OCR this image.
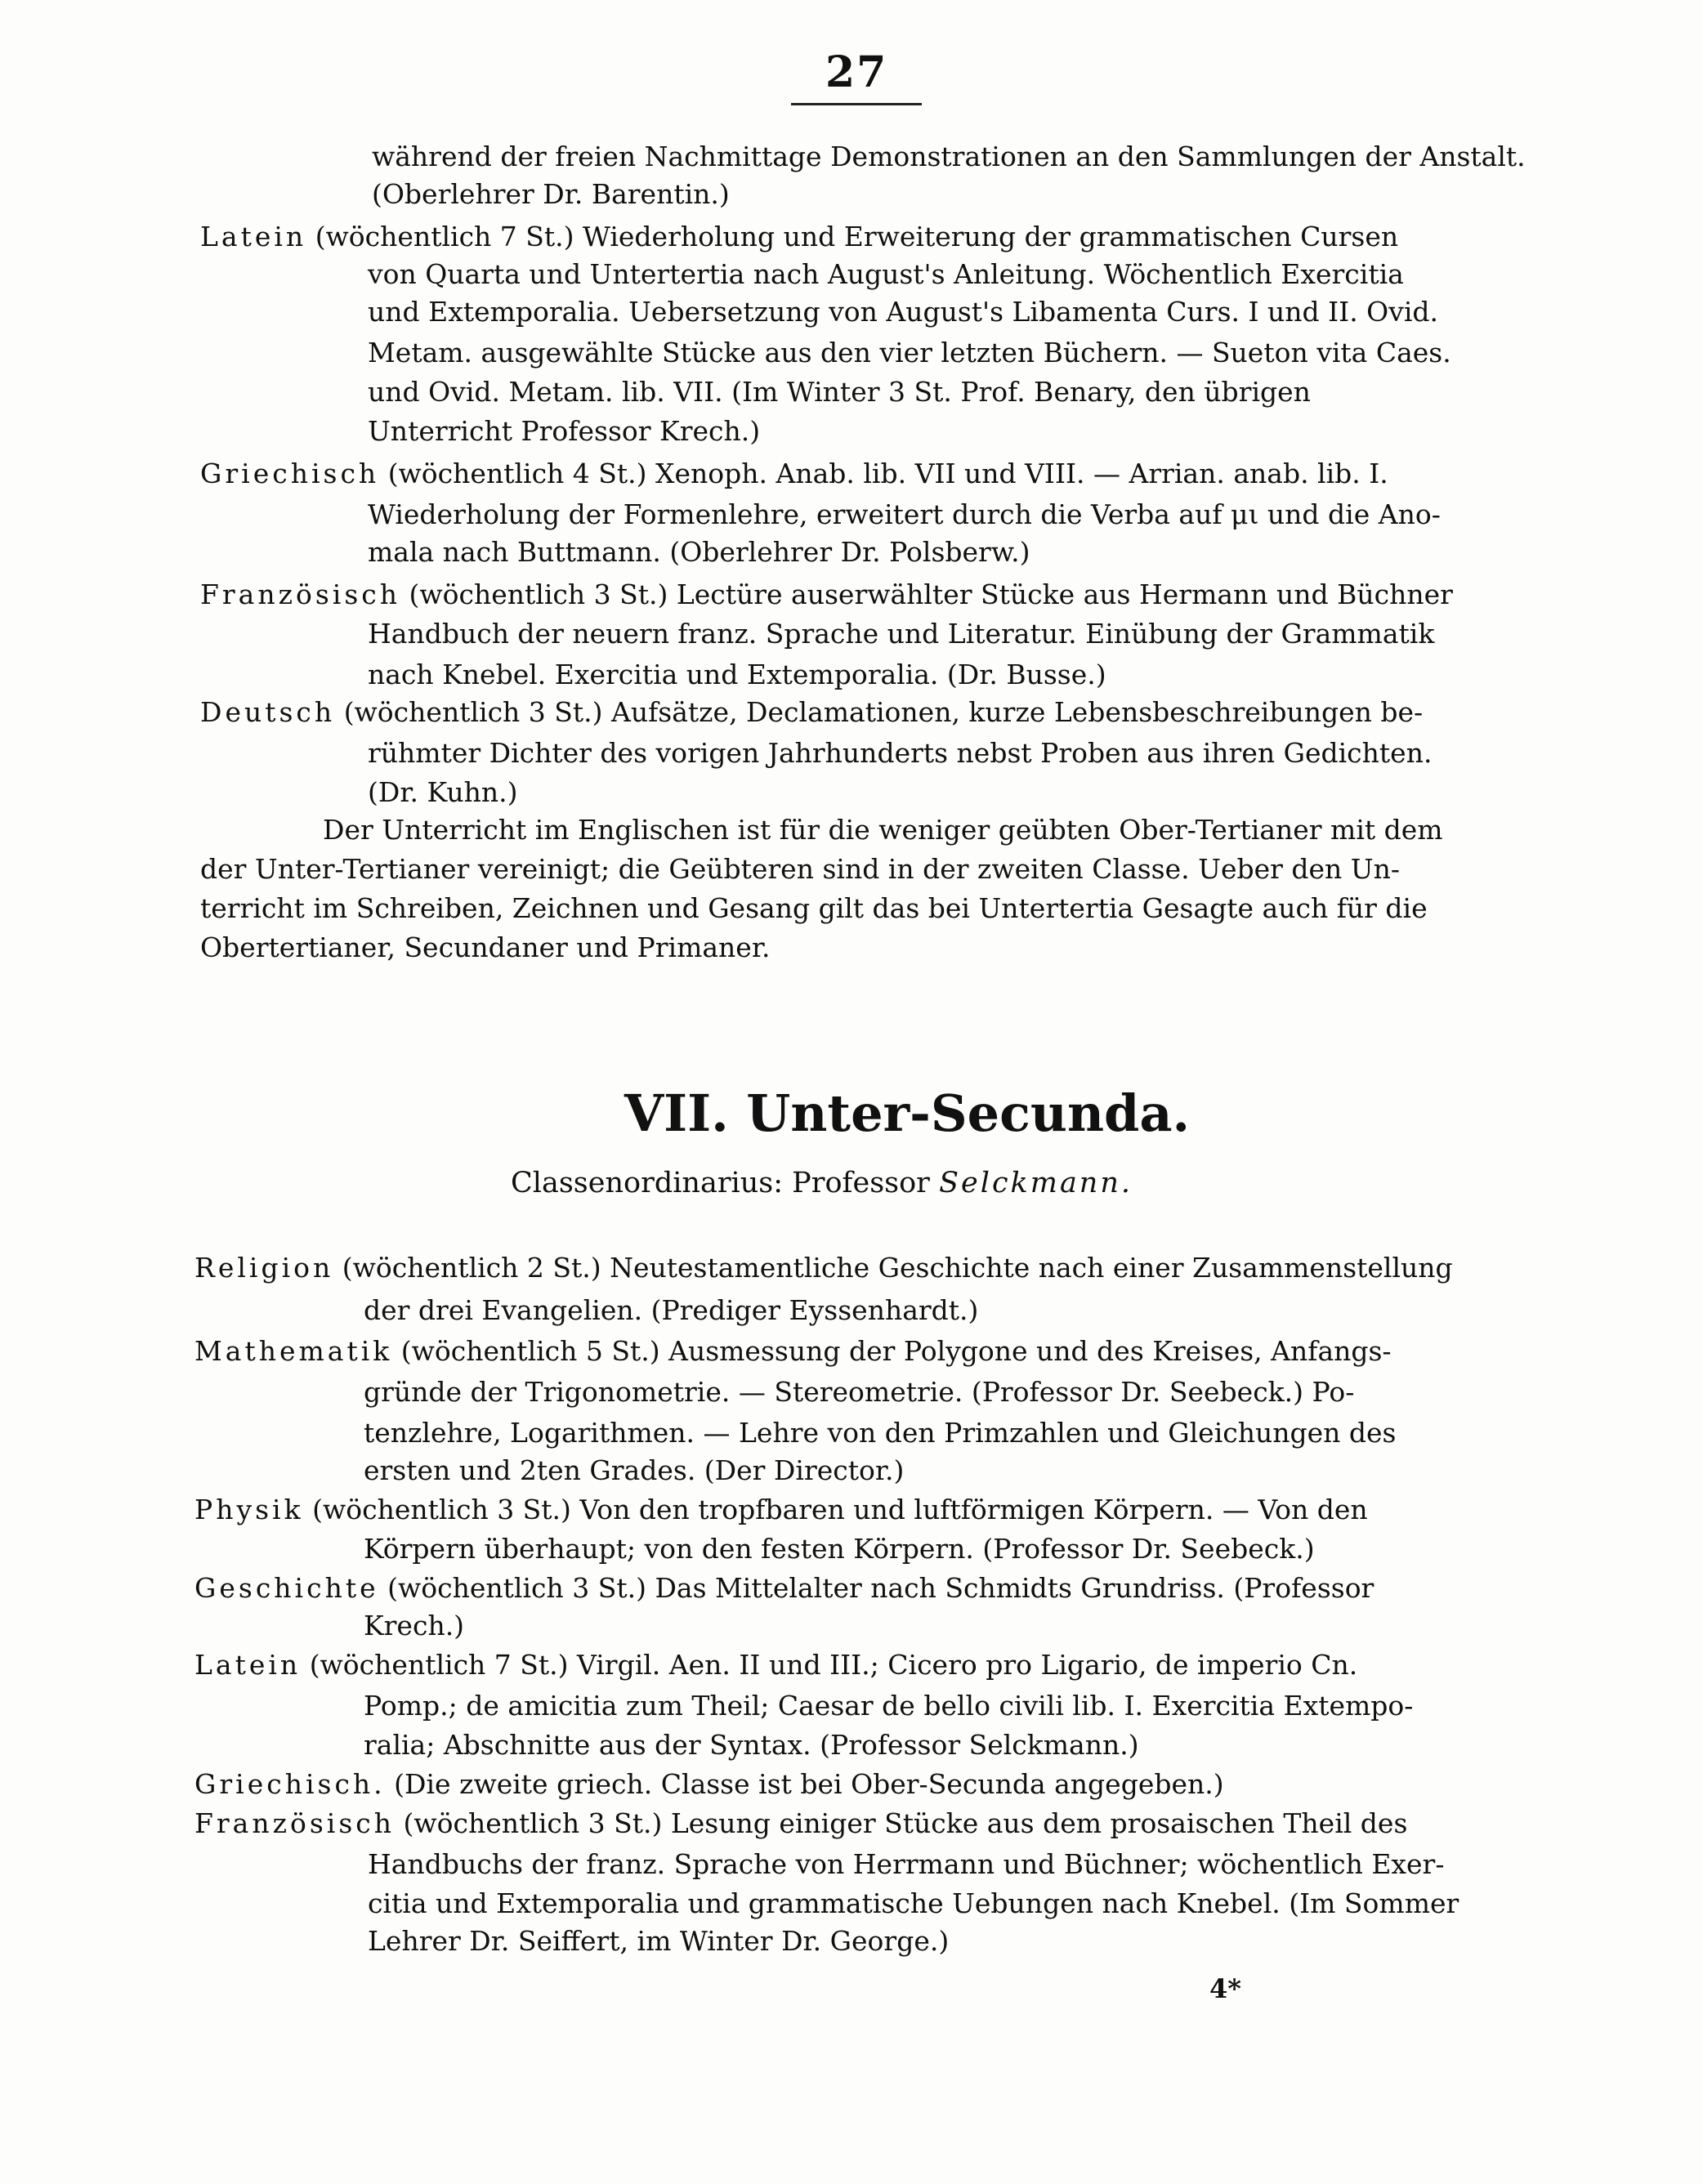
27
während der freien Nachmittage Demonstrationen an den Sammlungen der Anstalt.
(Oberlehrer Dr. Barentin.)
Latein (wöchentlich 7 St.) Wiederholung und Erweiterung der grammatischen Cursen
von Quarta und Untertertia nach August's Anleitung. Wöchentlich Exercitia
und Extemporalia. Uebersetzung von August's Libamenta Curs. I und II. Ovid.
Metam. ausgewählte Stücke aus den vier letzten Büchern. — Sueton vita Caes.
und Ovid. Metam. lib. VII. (Im Winter 3 St. Prof. Benary, den übrigen
Unterricht Professor Krech.)
Griechisch (wöchentlich 4 St.) Xenoph. Anab. lib. VII und VIII. — Arrian. anab. lib. I.
Wiederholung der Formenlehre, erweitert durch die Verba auf μι und die Ano-
mala nach Buttmann. (Oberlehrer Dr. Polsberw.)
Französisch (wöchentlich 3 St.) Lectüre auserwählter Stücke aus Hermann und Büchner
Handbuch der neuern franz. Sprache und Literatur. Einübung der Grammatik
nach Knebel. Exercitia und Extemporalia. (Dr. Busse.)
Deutsch (wöchentlich 3 St.) Aufsätze, Declamationen, kurze Lebensbeschreibungen be-
rühmter Dichter des vorigen Jahrhunderts nebst Proben aus ihren Gedichten.
(Dr. Kuhn.)
Der Unterricht im Englischen ist für die weniger geübten Ober-Tertianer mit dem
der Unter-Tertianer vereinigt; die Geübteren sind in der zweiten Classe. Ueber den Un-
terricht im Schreiben, Zeichnen und Gesang gilt das bei Untertertia Gesagte auch für die
Obertertianer, Secundaner und Primaner.
VII. Unter-Secunda.
Classenordinarius: Professor Selckmann.
Religion (wöchentlich 2 St.) Neutestamentliche Geschichte nach einer Zusammenstellung
der drei Evangelien. (Prediger Eyssenhardt.)
Mathematik (wöchentlich 5 St.) Ausmessung der Polygone und des Kreises, Anfangs-
gründe der Trigonometrie. — Stereometrie. (Professor Dr. Seebeck.) Po-
tenzlehre, Logarithmen. — Lehre von den Primzahlen und Gleichungen des
ersten und 2ten Grades. (Der Director.)
Physik (wöchentlich 3 St.) Von den tropfbaren und luftförmigen Körpern. — Von den
Körpern überhaupt; von den festen Körpern. (Professor Dr. Seebeck.)
Geschichte (wöchentlich 3 St.) Das Mittelalter nach Schmidts Grundriss. (Professor
Krech.)
Latein (wöchentlich 7 St.) Virgil. Aen. II und III.; Cicero pro Ligario, de imperio Cn.
Pomp.; de amicitia zum Theil; Caesar de bello civili lib. I. Exercitia Extempo-
ralia; Abschnitte aus der Syntax. (Professor Selckmann.)
Griechisch. (Die zweite griech. Classe ist bei Ober-Secunda angegeben.)
Französisch (wöchentlich 3 St.) Lesung einiger Stücke aus dem prosaischen Theil des
Handbuchs der franz. Sprache von Herrmann und Büchner; wöchentlich Exer-
citia und Extemporalia und grammatische Uebungen nach Knebel. (Im Sommer
Lehrer Dr. Seiffert, im Winter Dr. George.)
4*
